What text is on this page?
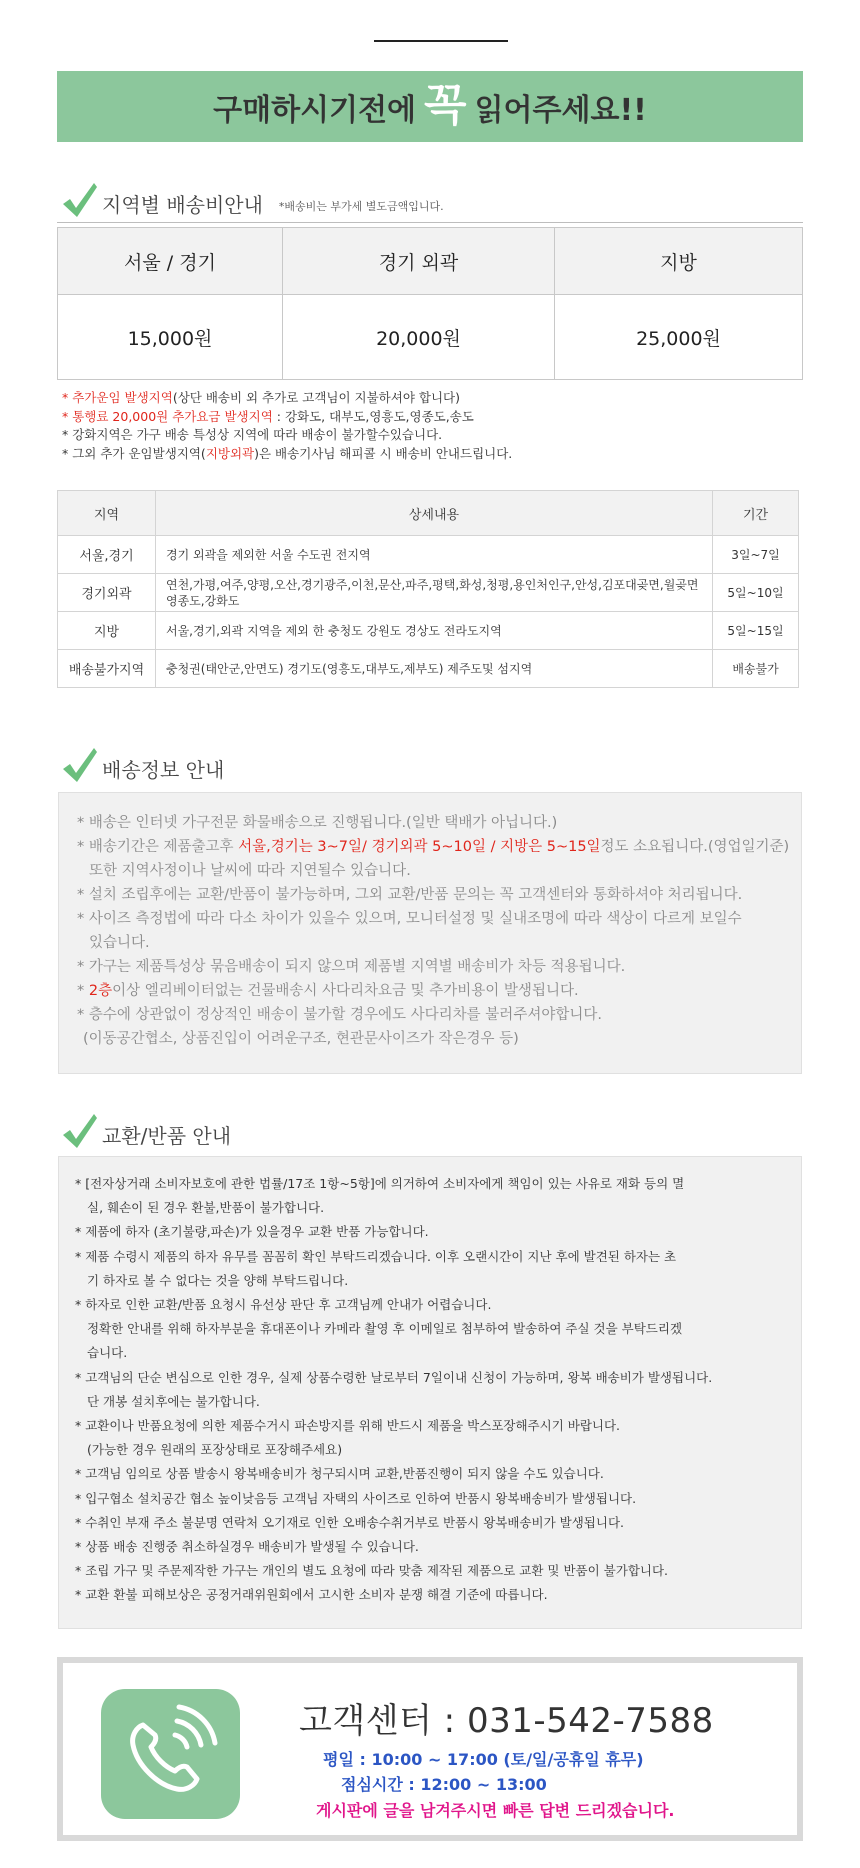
구매하시기전에 꼭 읽어주세요!!
지역별 배송비안내 *배송비는 부가세 별도금액입니다.
서울 / 경기	경기 외곽	지방
15,000원	20,000원	25,000원
* 추가운임 발생지역(상단 배송비 외 추가로 고객님이 지불하셔야 합니다)
* 통행료 20,000원 추가요금 발생지역 : 강화도, 대부도,영흥도,영종도,송도
* 강화지역은 가구 배송 특성상 지역에 따라 배송이 불가할수있습니다.
* 그외 추가 운임발생지역(지방외곽)은 배송기사님 해피콜 시 배송비 안내드립니다.
지역	상세내용	기간
서울,경기	경기 외곽을 제외한 서울 수도권 전지역	3일~7일
경기외곽	연천,가평,여주,양평,오산,경기광주,이천,문산,파주,평택,화성,청평,용인처인구,안성,김포대곶면,월곶면 영종도,강화도	5일~10일
지방	서울,경기,외곽 지역을 제외 한 충청도 강원도 경상도 전라도지역	5일~15일
배송불가지역	충청권(태안군,안면도) 경기도(영흥도,대부도,제부도) 제주도및 섬지역	배송불가
배송정보 안내
* 배송은 인터넷 가구전문 화물배송으로 진행됩니다.(일반 택배가 아닙니다.)
* 배송기간은 제품출고후 서울,경기는 3~7일/ 경기외곽 5~10일 / 지방은 5~15일정도 소요됩니다.(영업일기준)
또한 지역사정이나 날씨에 따라 지연될수 있습니다.
* 설치 조립후에는 교환/반품이 불가능하며, 그외 교환/반품 문의는 꼭 고객센터와 통화하셔야 처리됩니다.
* 사이즈 측정법에 따라 다소 차이가 있을수 있으며, 모니터설정 및 실내조명에 따라 색상이 다르게 보일수
있습니다.
* 가구는 제품특성상 묶음배송이 되지 않으며 제품별 지역별 배송비가 차등 적용됩니다.
* 2층이상 엘리베이터없는 건물배송시 사다리차요금 및 추가비용이 발생됩니다.
* 층수에 상관없이 정상적인 배송이 불가할 경우에도 사다리차를 불러주셔야합니다.
(이동공간협소, 상품진입이 어려운구조, 현관문사이즈가 작은경우 등)
교환/반품 안내
* [전자상거래 소비자보호에 관한 법률/17조 1항~5항]에 의거하여 소비자에게 책임이 있는 사유로 재화 등의 멸
실, 훼손이 된 경우 환불,반품이 불가합니다.
* 제품에 하자 (초기불량,파손)가 있을경우 교환 반품 가능합니다.
* 제품 수령시 제품의 하자 유무를 꼼꼼히 확인 부탁드리겠습니다. 이후 오랜시간이 지난 후에 발견된 하자는 초
기 하자로 볼 수 없다는 것을 양해 부탁드립니다.
* 하자로 인한 교환/반품 요청시 유선상 판단 후 고객님께 안내가 어렵습니다.
정확한 안내를 위해 하자부분을 휴대폰이나 카메라 촬영 후 이메일로 첨부하여 발송하여 주실 것을 부탁드리겠
습니다.
* 고객님의 단순 변심으로 인한 경우, 실제 상품수령한 날로부터 7일이내 신청이 가능하며, 왕복 배송비가 발생됩니다.
단 개봉 설치후에는 불가합니다.
* 교환이나 반품요청에 의한 제품수거시 파손방지를 위해 반드시 제품을 박스포장해주시기 바랍니다.
(가능한 경우 원래의 포장상태로 포장해주세요)
* 고객님 임의로 상품 발송시 왕복배송비가 청구되시며 교환,반품진행이 되지 않을 수도 있습니다.
* 입구협소 설치공간 협소 높이낮음등 고객님 자택의 사이즈로 인하여 반품시 왕복배송비가 발생됩니다.
* 수취인 부재 주소 불분명 연락처 오기재로 인한 오배송수취거부로 반품시 왕복배송비가 발생됩니다.
* 상품 배송 진행중 취소하실경우 배송비가 발생될 수 있습니다.
* 조립 가구 및 주문제작한 가구는 개인의 별도 요청에 따라 맞춤 제작된 제품으로 교환 및 반품이 불가합니다.
* 교환 환불 피해보상은 공정거래위원회에서 고시한 소비자 분쟁 해결 기준에 따릅니다.
고객센터 : 031-542-7588
평일 : 10:00 ~ 17:00 (토/일/공휴일 휴무)
점심시간 : 12:00 ~ 13:00
게시판에 글을 남겨주시면 빠른 답변 드리겠습니다.
